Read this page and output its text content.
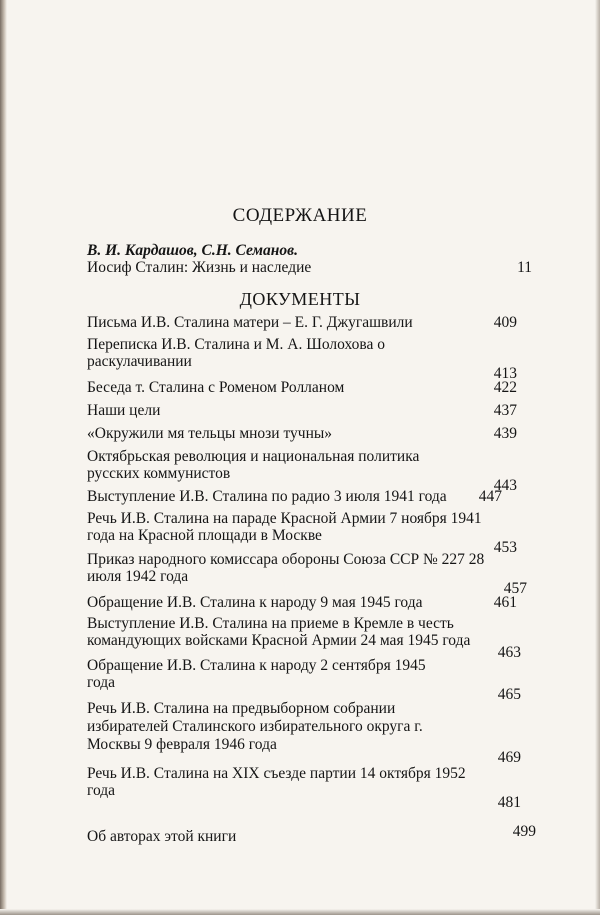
СОДЕРЖАНИЕ
В. И. Кардашов, С.Н. Семанов.
Иосиф Сталин: Жизнь и наследие	11
ДОКУМЕНТЫ
Письма И.В. Сталина матери – Е. Г. Джугашвили	409
Переписка И.В. Сталина и М. А. Шолохова о раскулачивании
413
Беседа т. Сталина с Роменом Ролланом	422
Наши цели	437
«Окружили мя тельцы мнози тучны»	439
Октябрьская революция и национальная политика русских коммунистов
443
Выступление И.В. Сталина по радио 3 июля 1941 года	447
Речь И.В. Сталина на параде Красной Армии 7 ноября 1941 года на Красной площади в Москве
453
Приказ народного комиссара обороны Союза ССР № 227 28 июля 1942 года
457
Обращение И.В. Сталина к народу 9 мая 1945 года	461
Выступление И.В. Сталина на приеме в Кремле в честь командующих войсками Красной Армии 24 мая 1945 года
463
Обращение И.В. Сталина к народу 2 сентября 1945 года
465
Речь И.В. Сталина на предвыборном собрании избирателей Сталинского избирательного округа г. Москвы 9 февраля 1946 года
469
Речь И.В. Сталина на XIX съезде партии 14 октября 1952 года
481
Об авторах этой книги	499
